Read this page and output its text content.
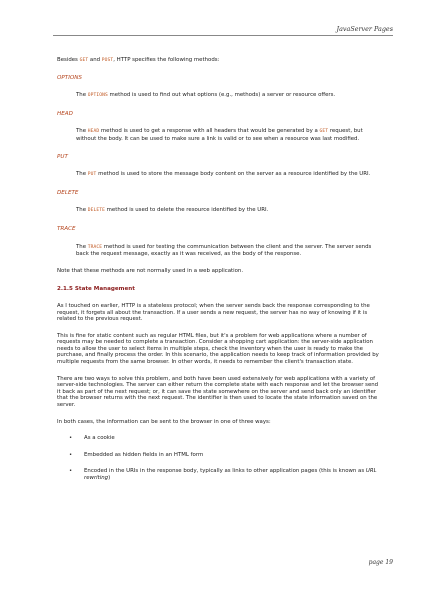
JavaServer Pages

Besides GET and POST, HTTP specifies the following methods:

OPTIONS

The OPTIONS method is used to find out what options (e.g., methods) a server or resource offers.

HEAD

The HEAD method is used to get a response with all headers that would be generated by a GET request, but without the body. It can be used to make sure a link is valid or to see when a resource was last modified.

PUT

The PUT method is used to store the message body content on the server as a resource identified by the URI.

DELETE

The DELETE method is used to delete the resource identified by the URI.

TRACE

The TRACE method is used for testing the communication between the client and the server. The server sends back the request message, exactly as it was received, as the body of the response.

Note that these methods are not normally used in a web application.

2.1.5 State Management

As I touched on earlier, HTTP is a stateless protocol; when the server sends back the response corresponding to the request, it forgets all about the transaction. If a user sends a new request, the server has no way of knowing if it is related to the previous request.

This is fine for static content such as regular HTML files, but it's a problem for web applications where a number of requests may be needed to complete a transaction. Consider a shopping cart application: the server-side application needs to allow the user to select items in multiple steps, check the inventory when the user is ready to make the purchase, and finally process the order. In this scenario, the application needs to keep track of information provided by multiple requests from the same browser. In other words, it needs to remember the client's transaction state.

There are two ways to solve this problem, and both have been used extensively for web applications with a variety of server-side technologies. The server can either return the complete state with each response and let the browser send it back as part of the next request; or, it can save the state somewhere on the server and send back only an identifier that the browser returns with the next request. The identifier is then used to locate the state information saved on the server.

In both cases, the information can be sent to the browser in one of three ways:

• As a cookie
• Embedded as hidden fields in an HTML form
• Encoded in the URIs in the response body, typically as links to other application pages (this is known as URL rewriting)
page 19
